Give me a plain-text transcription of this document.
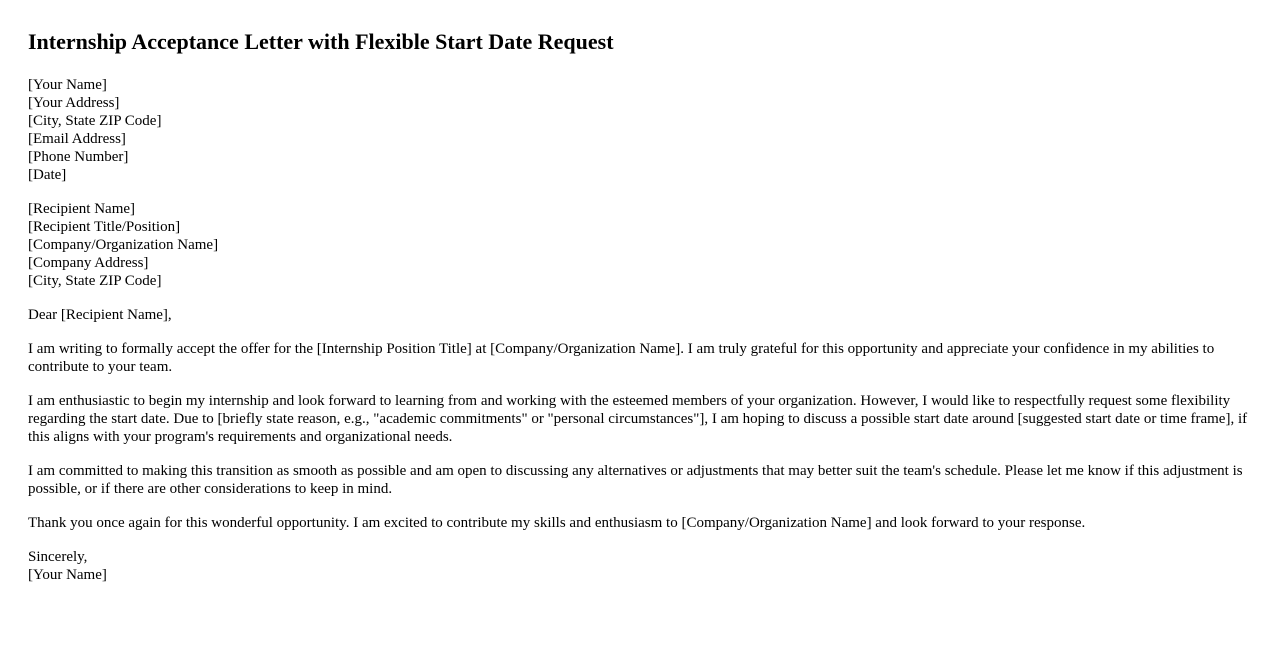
Internship Acceptance Letter with Flexible Start Date Request
[Your Name]
[Your Address]
[City, State ZIP Code]
[Email Address]
[Phone Number]
[Date]
[Recipient Name]
[Recipient Title/Position]
[Company/Organization Name]
[Company Address]
[City, State ZIP Code]

Dear [Recipient Name],

I am writing to formally accept the offer for the [Internship Position Title] at [Company/Organization Name]. I am truly grateful for this opportunity and appreciate your confidence in my abilities to contribute to your team.

I am enthusiastic to begin my internship and look forward to learning from and working with the esteemed members of your organization. However, I would like to respectfully request some flexibility regarding the start date. Due to [briefly state reason, e.g., "academic commitments" or "personal circumstances"], I am hoping to discuss a possible start date around [suggested start date or time frame], if this aligns with your program's requirements and organizational needs.

I am committed to making this transition as smooth as possible and am open to discussing any alternatives or adjustments that may better suit the team's schedule. Please let me know if this adjustment is possible, or if there are other considerations to keep in mind.

Thank you once again for this wonderful opportunity. I am excited to contribute my skills and enthusiasm to [Company/Organization Name] and look forward to your response.

Sincerely,
[Your Name]
